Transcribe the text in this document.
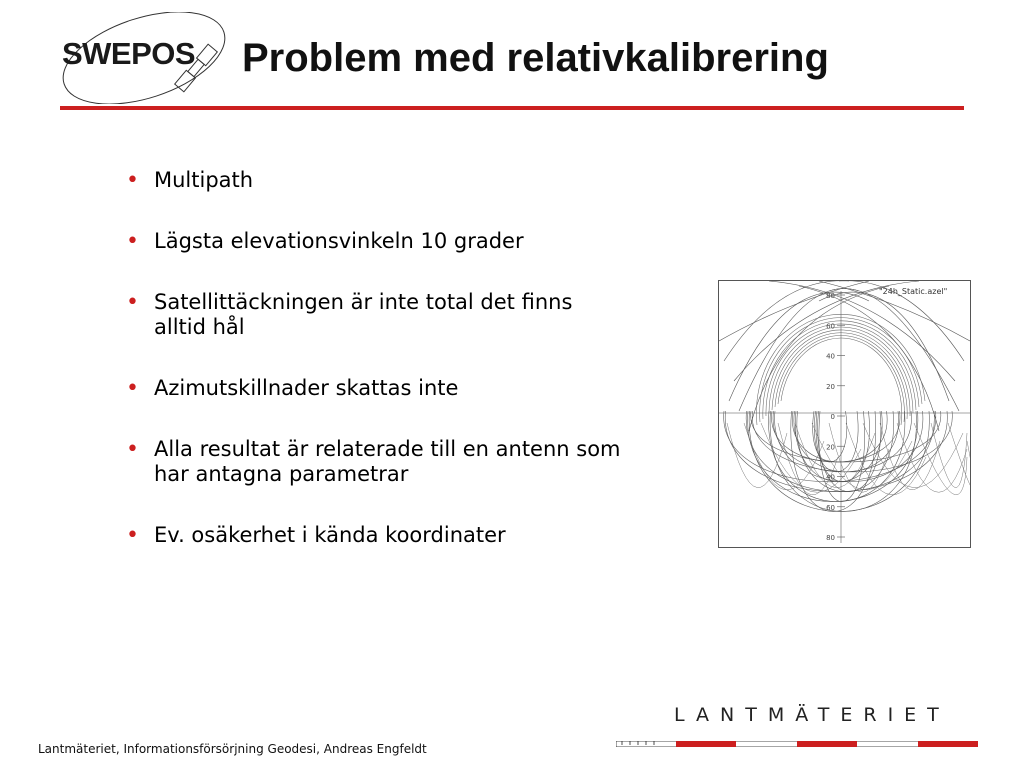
SWEPOS Problem med relativkalibrering
• Multipath
• Lägsta elevationsvinkeln 10 grader
• Satellittäckningen är inte total det finns alltid hål
• Azimutskillnader skattas inte
• Alla resultat är relaterade till en antenn som har antagna parametrar
• Ev. osäkerhet i kända koordinater
80
60
40
20
0
20
40
60
80
"24h_Static.azel"
Lantmäteriet, Informationsförsörjning Geodesi, Andreas Engfeldt
LANTMÄTERIET
